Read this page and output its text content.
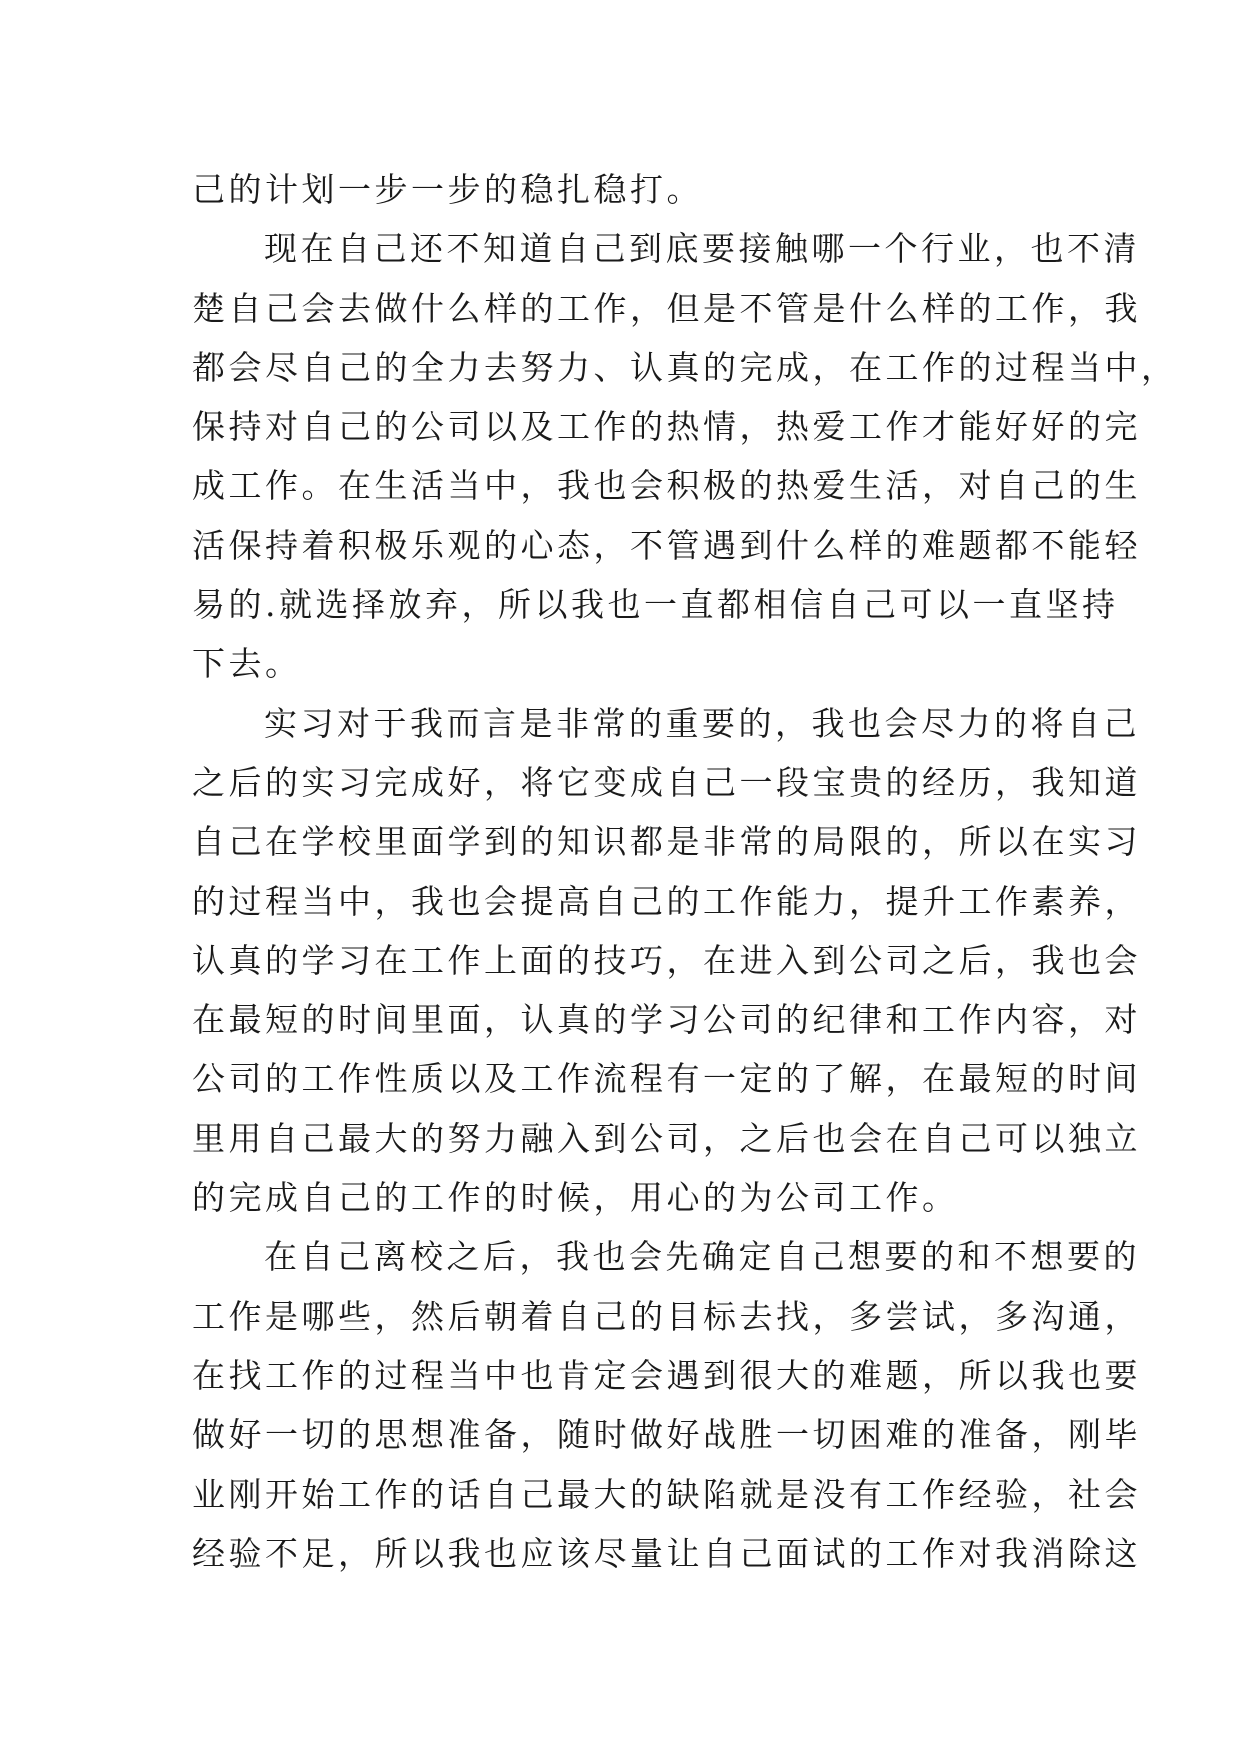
己的计划一步一步的稳扎稳打。
现在自己还不知道自己到底要接触哪一个行业，也不清
楚自己会去做什么样的工作，但是不管是什么样的工作，我
都会尽自己的全力去努力、认真的完成，在工作的过程当中，
保持对自己的公司以及工作的热情，热爱工作才能好好的完
成工作。在生活当中，我也会积极的热爱生活，对自己的生
活保持着积极乐观的心态，不管遇到什么样的难题都不能轻
易的.就选择放弃，所以我也一直都相信自己可以一直坚持
下去。
实习对于我而言是非常的重要的，我也会尽力的将自己
之后的实习完成好，将它变成自己一段宝贵的经历，我知道
自己在学校里面学到的知识都是非常的局限的，所以在实习
的过程当中，我也会提高自己的工作能力，提升工作素养，
认真的学习在工作上面的技巧，在进入到公司之后，我也会
在最短的时间里面，认真的学习公司的纪律和工作内容，对
公司的工作性质以及工作流程有一定的了解，在最短的时间
里用自己最大的努力融入到公司，之后也会在自己可以独立
的完成自己的工作的时候，用心的为公司工作。
在自己离校之后，我也会先确定自己想要的和不想要的
工作是哪些，然后朝着自己的目标去找，多尝试，多沟通，
在找工作的过程当中也肯定会遇到很大的难题，所以我也要
做好一切的思想准备，随时做好战胜一切困难的准备，刚毕
业刚开始工作的话自己最大的缺陷就是没有工作经验，社会
经验不足，所以我也应该尽量让自己面试的工作对我消除这
